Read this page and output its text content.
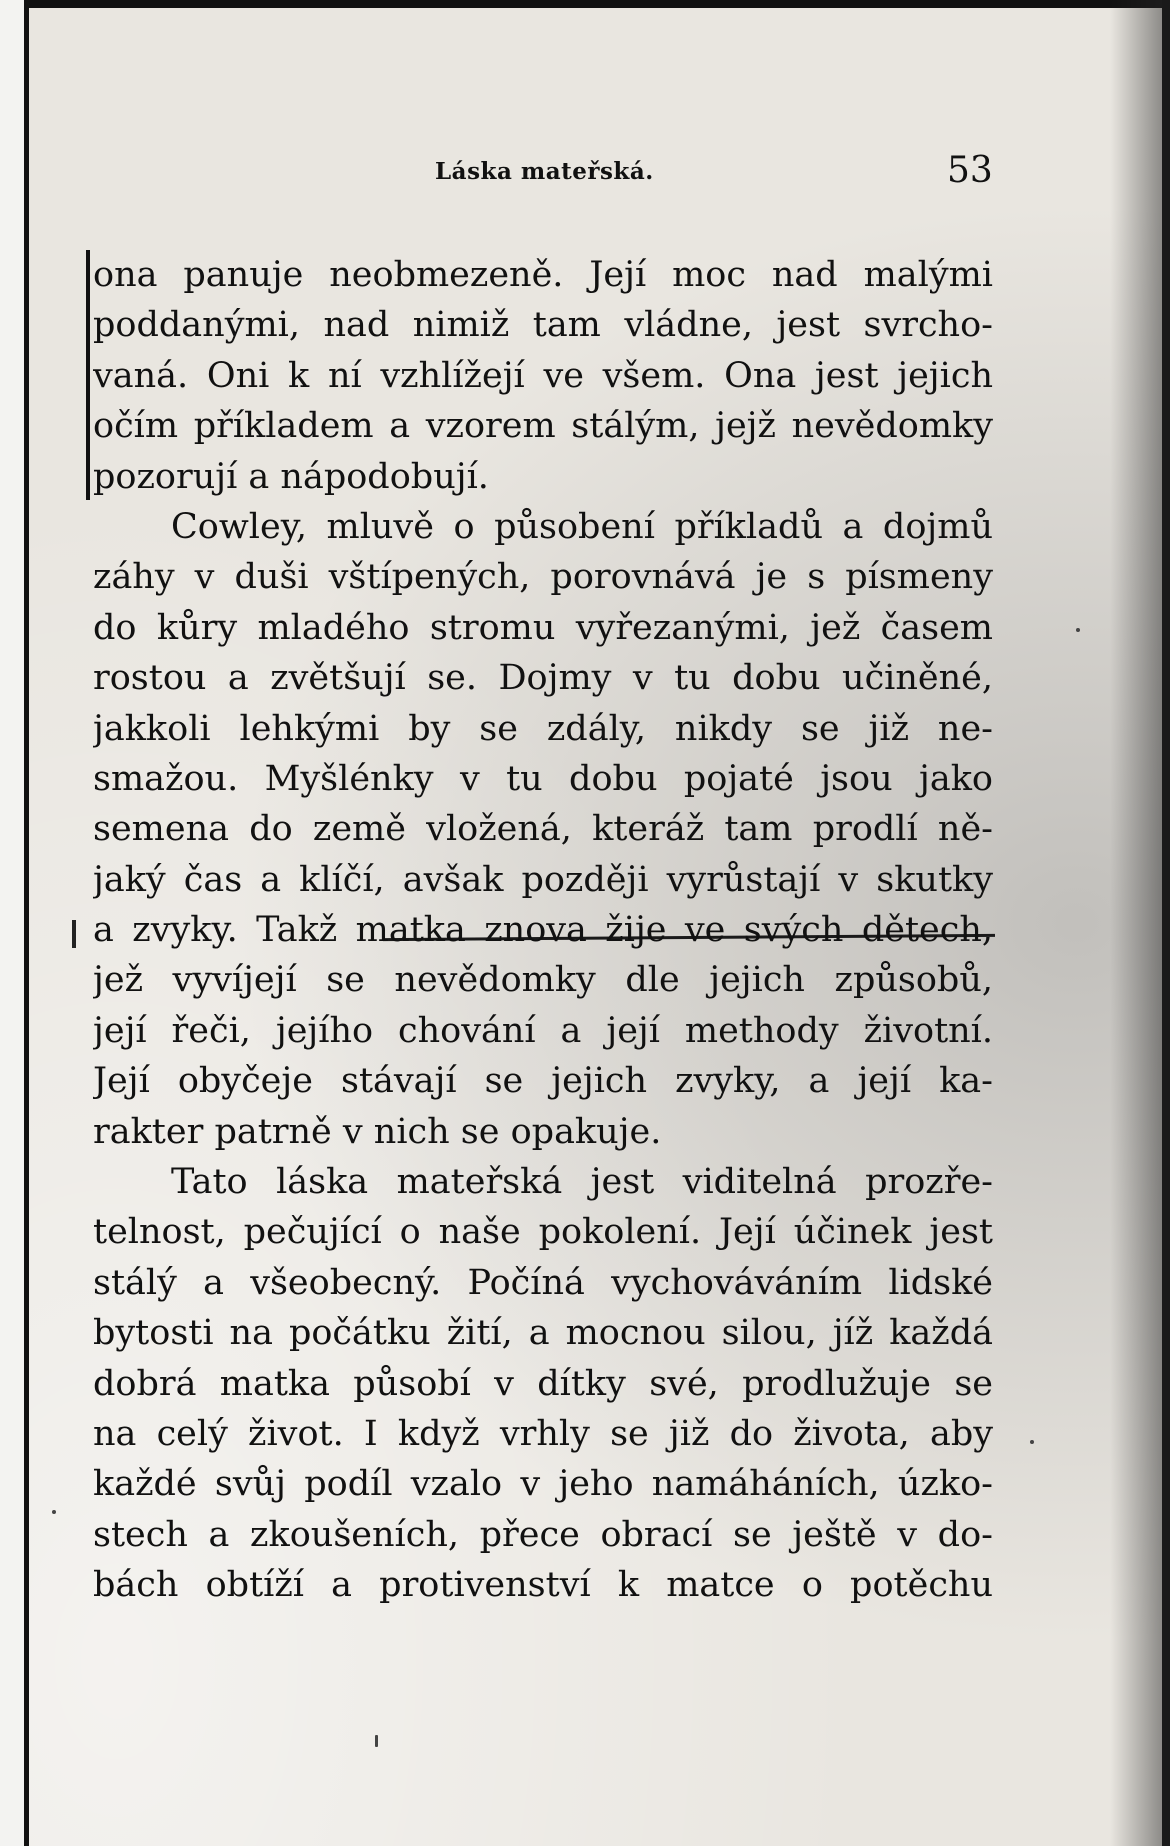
Láska mateřská.	53
ona panuje neobmezeně. Její moc nad malými
poddanými, nad nimiž tam vládne, jest svrcho-
vaná. Oni k ní vzhlížejí ve všem. Ona jest jejich
očím příkladem a vzorem stálým, jejž nevědomky
pozorují a nápodobují.
Cowley, mluvě o působení příkladů a dojmů
záhy v duši vštípených, porovnává je s písmeny
do kůry mladého stromu vyřezanými, jež časem
rostou a zvětšují se. Dojmy v tu dobu učiněné,
jakkoli lehkými by se zdály, nikdy se již ne-
smažou. Myšlénky v tu dobu pojaté jsou jako
semena do země vložená, kteráž tam prodlí ně-
jaký čas a klíčí, avšak později vyrůstají v skutky
a zvyky. Takž matka znova žije ve svých dětech,
jež vyvíjejí se nevědomky dle jejich způsobů,
její řeči, jejího chování a její methody životní.
Její obyčeje stávají se jejich zvyky, a její ka-
rakter patrně v nich se opakuje.
Tato láska mateřská jest viditelná prozře-
telnost, pečující o naše pokolení. Její účinek jest
stálý a všeobecný. Počíná vychováváním lidské
bytosti na počátku žití, a mocnou silou, jíž každá
dobrá matka působí v dítky své, prodlužuje se
na celý život. I když vrhly se již do života, aby
každé svůj podíl vzalo v jeho namáháních, úzko-
stech a zkoušeních, přece obrací se ještě v do-
bách obtíží a protivenství k matce o potěchu
